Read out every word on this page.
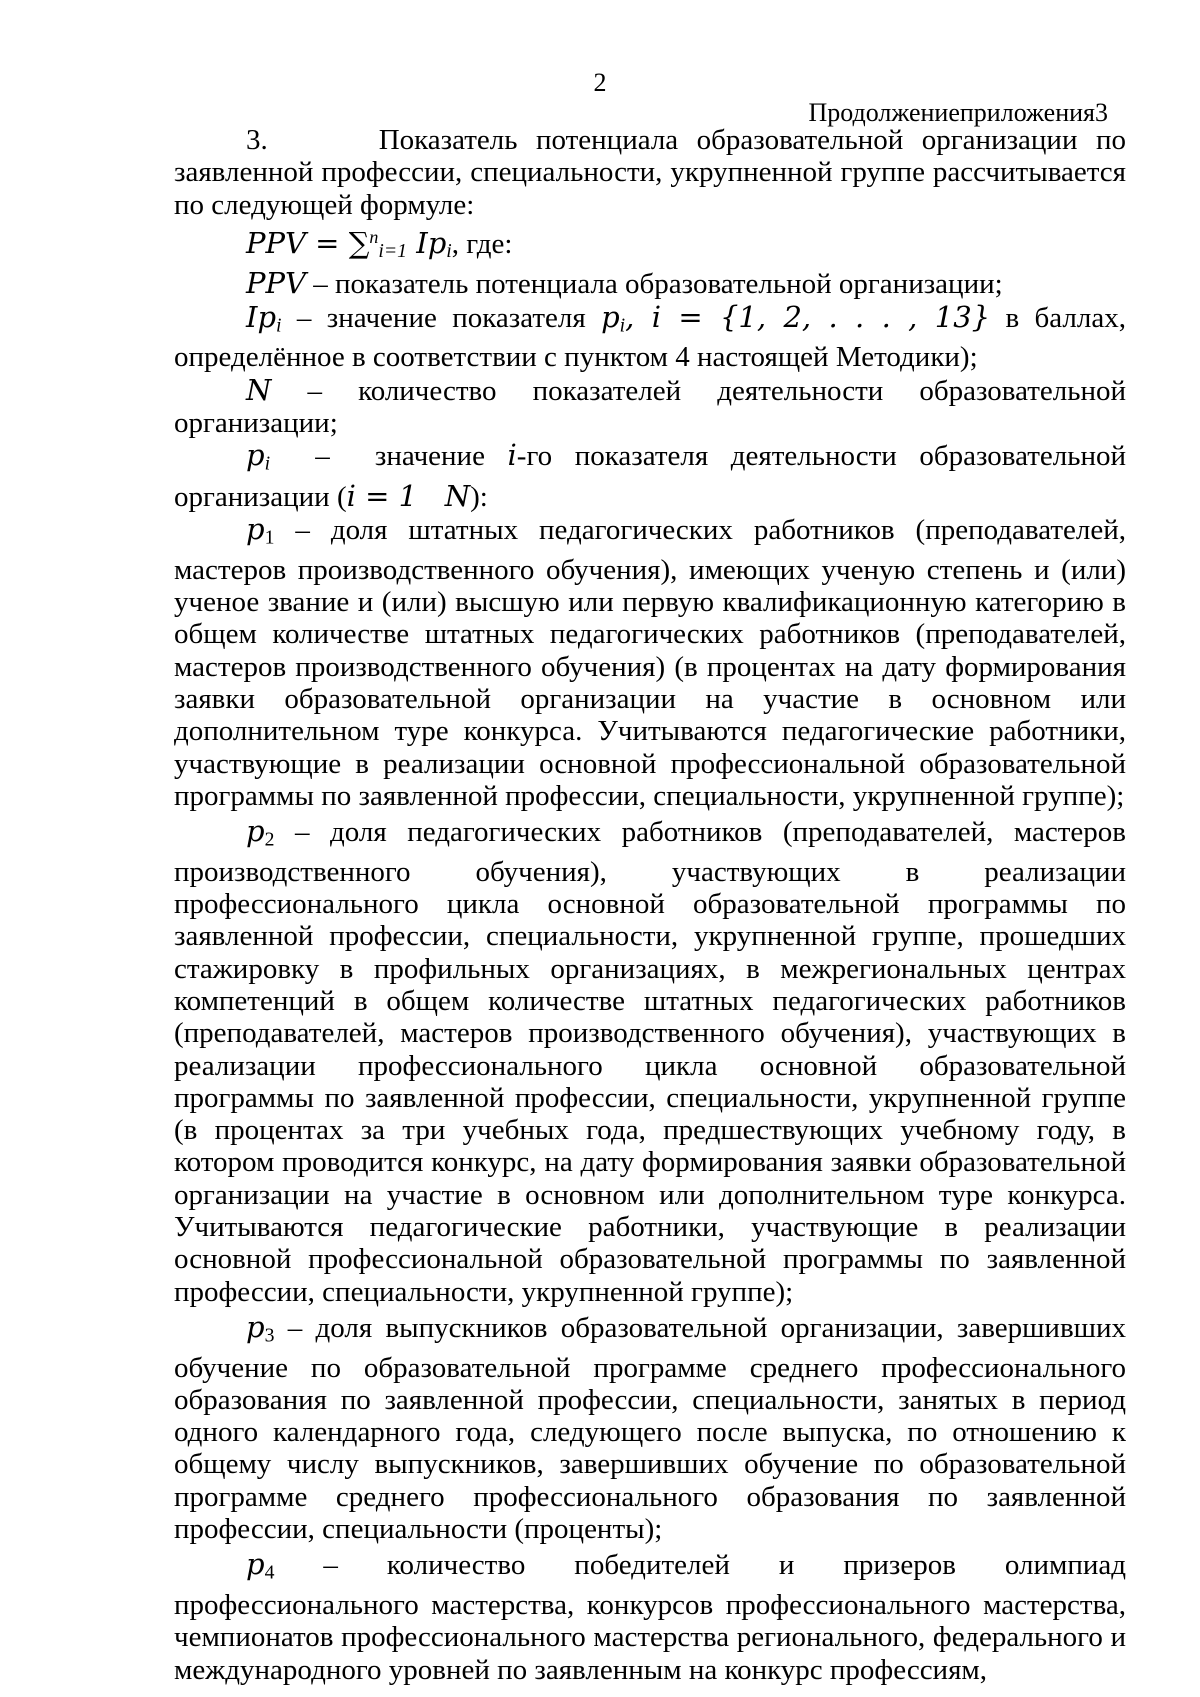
2
Продолжениеприложения3

3.      Показатель потенциала образовательной организации по заявленной профессии, специальности, укрупненной группе рассчитывается по следующей формуле:

PPV = ∑$^n$i=1 Ipi, где:

PPV – показатель потенциала образовательной организации;

Ipi – значение показателя pi, i = {1, 2, . . . , 13} в баллах, определённое в соответствии с пунктом 4 настоящей Методики);

N – количество показателей деятельности образовательной организации;

pi  –  значение i-го показателя деятельности образовательной организации (i = 1   N):

$p_1$ – доля штатных педагогических работников (преподавателей, мастеров производственного обучения), имеющих ученую степень и (или) ученое звание и (или) высшую или первую квалификационную категорию в общем количестве штатных педагогических работников (преподавателей, мастеров производственного обучения) (в процентах на дату формирования заявки образовательной организации на участие в основном или дополнительном туре конкурса. Учитываются педагогические работники, участвующие в реализации основной профессиональной образовательной программы по заявленной профессии, специальности, укрупненной группе);

$p_2$ – доля педагогических работников (преподавателей, мастеров производственного обучения), участвующих в реализации профессионального цикла основной образовательной программы по заявленной профессии, специальности, укрупненной группе, прошедших стажировку в профильных организациях, в межрегиональных центрах компетенций в общем количестве штатных педагогических работников (преподавателей, мастеров производственного обучения), участвующих в реализации профессионального цикла основной образовательной программы по заявленной профессии, специальности, укрупненной группе (в процентах за три учебных года, предшествующих учебному году, в котором проводится конкурс, на дату формирования заявки образовательной организации на участие в основном или дополнительном туре конкурса. Учитываются педагогические работники, участвующие в реализации основной профессиональной образовательной программы по заявленной профессии, специальности, укрупненной группе);

$p_3$ – доля выпускников образовательной организации, завершивших обучение по образовательной программе среднего профессионального образования по заявленной профессии, специальности, занятых в период одного календарного года, следующего после выпуска, по отношению к общему числу выпускников, завершивших обучение по образовательной программе среднего профессионального образования по заявленной профессии, специальности (проценты);

$p_4$ – количество победителей и призеров олимпиад профессионального мастерства, конкурсов профессионального мастерства, чемпионатов профессионального мастерства регионального, федерального и международного уровней по заявленным на конкурс профессиям,
